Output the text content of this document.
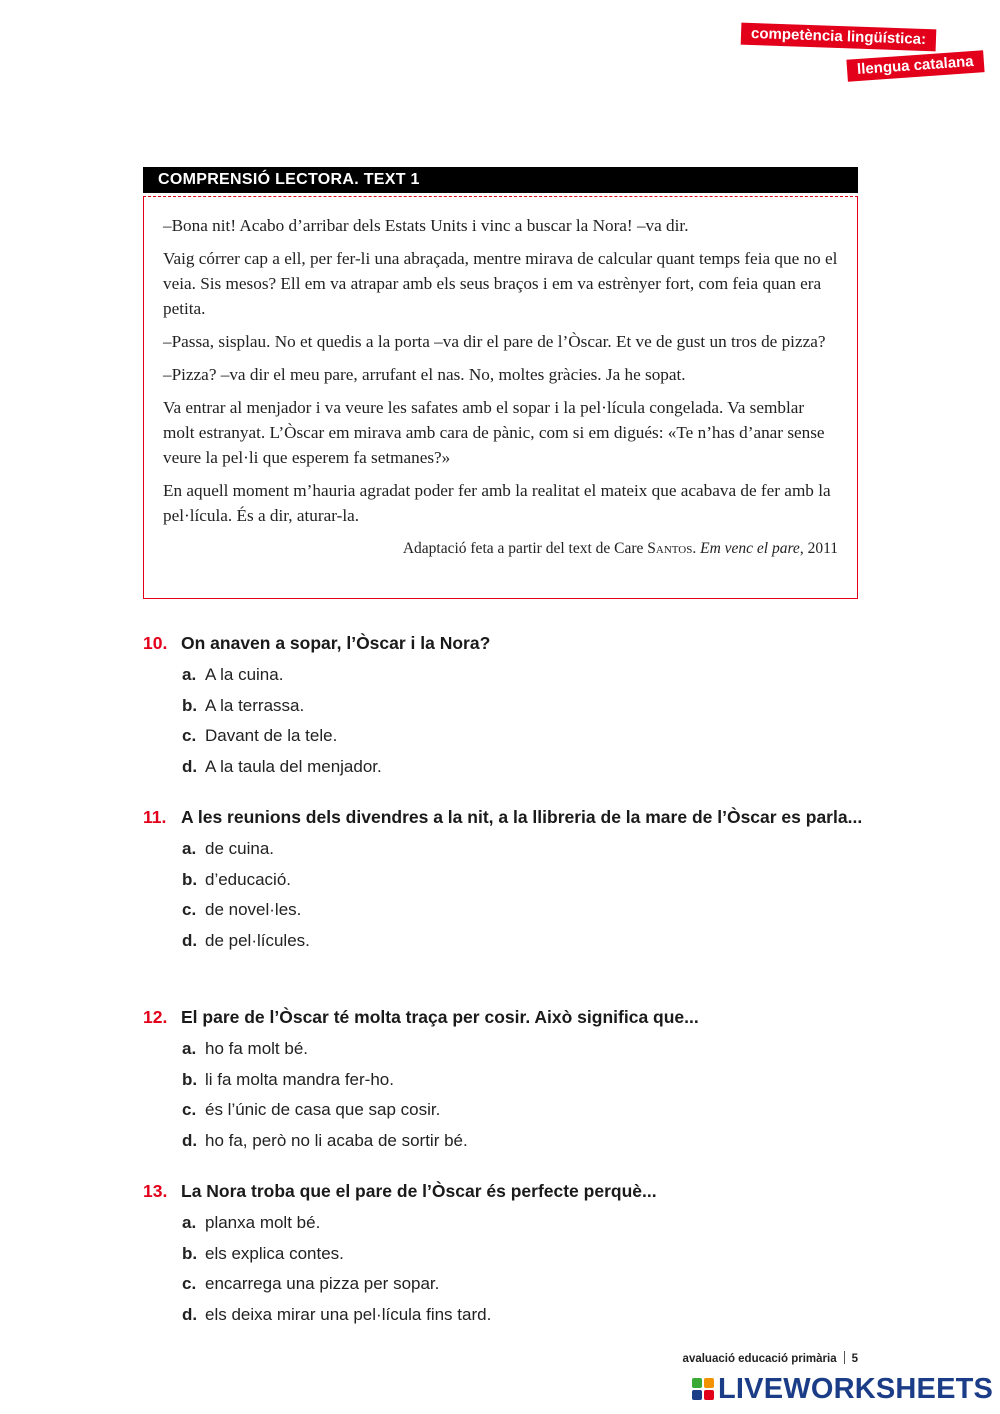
competència lingüística:
llengua catalana
COMPRENSIÓ LECTORA. TEXT 1

–Bona nit! Acabo d’arribar dels Estats Units i vinc a buscar la Nora! –va dir.

Vaig córrer cap a ell, per fer-li una abraçada, mentre mirava de calcular quant temps feia que no el veia. Sis mesos? Ell em va atrapar amb els seus braços i em va estrènyer fort, com feia quan era petita.

–Passa, sisplau. No et quedis a la porta –va dir el pare de l’Òscar. Et ve de gust un tros de pizza?

–Pizza? –va dir el meu pare, arrufant el nas. No, moltes gràcies. Ja he sopat.

Va entrar al menjador i va veure les safates amb el sopar i la pel·lícula congelada. Va semblar molt estranyat. L’Òscar em mirava amb cara de pànic, com si em digués: «Te n’has d’anar sense veure la pel·li que esperem fa setmanes?»

En aquell moment m’hauria agradat poder fer amb la realitat el mateix que acabava de fer amb la pel·lícula. És a dir, aturar-la.

Adaptació feta a partir del text de Care Santos. Em venc el pare, 2011
10. On anaven a sopar, l’Òscar i la Nora?
a. A la cuina.
b. A la terrassa.
c. Davant de la tele.
d. A la taula del menjador.
11. A les reunions dels divendres a la nit, a la llibreria de la mare de l’Òscar es parla...
a. de cuina.
b. d’educació.
c. de novel·les.
d. de pel·lícules.
12. El pare de l’Òscar té molta traça per cosir. Això significa que...
a. ho fa molt bé.
b. li fa molta mandra fer-ho.
c. és l’únic de casa que sap cosir.
d. ho fa, però no li acaba de sortir bé.
13. La Nora troba que el pare de l’Òscar és perfecte perquè...
a. planxa molt bé.
b. els explica contes.
c. encarrega una pizza per sopar.
d. els deixa mirar una pel·lícula fins tard.
avaluació educació primària 5
LIVEWORKSHEETS
